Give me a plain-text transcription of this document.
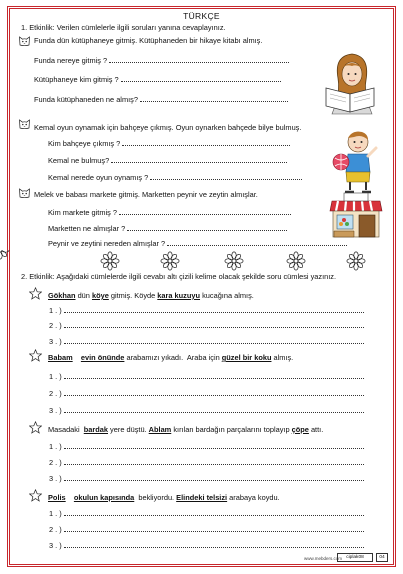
TÜRKÇE
1. Etkinlik: Verilen cümlelerle ilgili soruları yanına cevaplayınız.
Funda dün kütüphaneye gitmiş. Kütüphaneden bir hikaye kitabı almış.
Funda nereye gitmiş ?
Kütüphaneye kim gitmiş ?
Funda kütüphaneden ne almış?
Kemal oyun oynamak için bahçeye çıkmış. Oyun oynarken bahçede bilye bulmuş.
Kim bahçeye çıkmış ?
Kemal ne bulmuş?
Kemal nerede oyun oynamış ?
Melek ve babası markete gitmiş. Marketten peynir ve zeytin almışlar.
Kim markete gitmiş ?
Marketten ne almışlar ?
Peynir ve zeytini nereden almışlar ?
2. Etkinlik: Aşağıdaki cümlelerde ilgili cevabı altı çizili kelime olacak şekilde soru cümlesi yazınız.
Gökhan dün köye gitmiş. Köyde kara kuzuyu kucağına almış.
1 . )
2 . )
3 . )
Babam evin önünde arabamızı yıkadı.  Araba için güzel bir koku almış.
1 . )
2 . )
3 . )
Masadaki  bardak yere düştü. Ablam kırılan bardağın parçalarını toplayıp çöpe attı.
1 . )
2 . )
3 . )
Polis okulun kapısında  bekliyordu. Elindeki telsizi arabaya koydu.
1 . )
2 . )
3 . )
www.mebders.com ciplak08	04
